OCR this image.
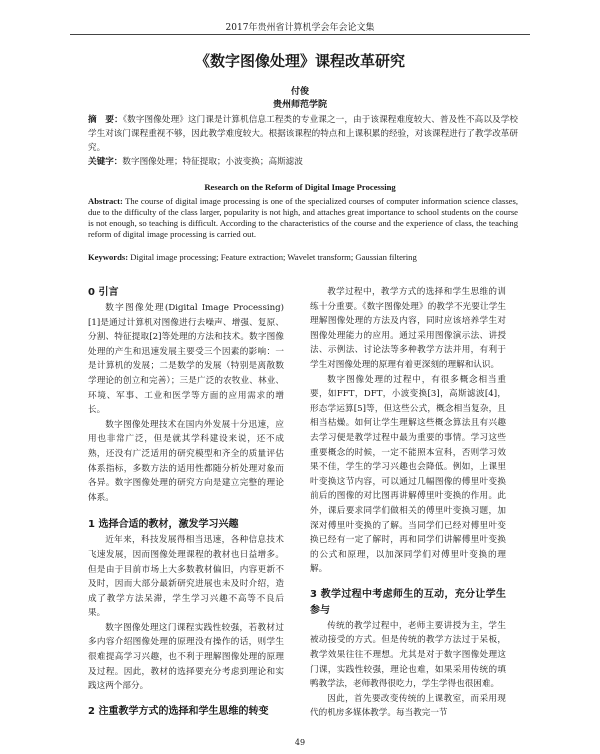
2017年贵州省计算机学会年会论文集
《数字图像处理》课程改革研究
付俊
贵州师范学院
摘　要：《数字图像处理》这门课是计算机信息工程类的专业课之一，由于该课程难度较大、普及性不高以及学校学生对该门课程重视不够，因此教学难度较大。根据该课程的特点和上课积累的经验，对该课程进行了教学改革研究。
关键字：数字图像处理；特征提取；小波变换；高斯滤波
Research on the Reform of Digital Image Processing
Abstract: The course of digital image processing is one of the specialized courses of computer information science classes, due to the difficulty of the class larger, popularity is not high, and attaches great importance to school students on the course is not enough, so teaching is difficult. According to the characteristics of the course and the experience of class, the teaching reform of digital image processing is carried out.
Keywords: Digital image processing; Feature extraction; Wavelet transform; Gaussian filtering
0 引言

数字图像处理(Digital Image Processing)[1]是通过计算机对图像进行去噪声、增强、复原、分割、特征提取[2]等处理的方法和技术。数字图像处理的产生和迅速发展主要受三个因素的影响：一是计算机的发展；二是数学的发展（特别是离散数学理论的创立和完善）；三是广泛的农牧业、林业、环境、军事、工业和医学等方面的应用需求的增长。

数字图像处理技术在国内外发展十分迅速，应用也非常广泛，但是就其学科建设来说，还不成熟，还没有广泛适用的研究模型和齐全的质量评估体系指标，多数方法的适用性都随分析处理对象而各异。数字图像处理的研究方向是建立完整的理论体系。

1 选择合适的教材，激发学习兴趣

近年来，科技发展得相当迅速，各种信息技术飞速发展，因而图像处理课程的教材也日益增多。但是由于目前市场上大多数教材偏旧，内容更新不及时，因而大部分最新研究进展也未及时介绍，造成了教学方法呆滞，学生学习兴趣不高等不良后果。

数字图像处理这门课程实践性较强，若教材过多内容介绍图像处理的原理没有操作的话，则学生很难提高学习兴趣，也不利于理解图像处理的原理及过程。因此，教材的选择要充分考虑到理论和实践这两个部分。

2 注重教学方式的选择和学生思维的转变

教学过程中，教学方式的选择和学生思维的训练十分重要。《数字图像处理》的教学不光要让学生理解图像处理的方法及内容，同时应该培养学生对图像处理能力的应用。通过采用图像演示法、讲授法、示例法、讨论法等多种教学方法并用，有利于学生对图像处理的原理有着更深刻的理解和认识。

数字图像处理的过程中，有很多概念相当重要，如FFT，DFT，小波变换[3]，高斯滤波[4]，形态学运算[5]等，但这些公式，概念相当复杂，且相当枯燥。如何让学生理解这些概念算法且有兴趣去学习便是教学过程中最为重要的事情。学习这些重要概念的时候，一定不能照本宣科，否则学习效果不佳，学生的学习兴趣也会降低。例如，上课里叶变换这节内容，可以通过几幅图像的傅里叶变换前后的图像的对比图再讲解傅里叶变换的作用。此外，课后要求同学们做相关的傅里叶变换习题，加深对傅里叶变换的了解。当同学们已经对傅里叶变换已经有一定了解时，再和同学们讲解傅里叶变换的公式和原理，以加深同学们对傅里叶变换的理解。

3 教学过程中考虑师生的互动，充分让学生参与

传统的教学过程中，老师主要讲授为主，学生被动接受的方式。但是传统的教学方法过于呆板，教学效果往往不理想。尤其是对于数字图像处理这门课，实践性较强，理论也难，如果采用传统的填鸭教学法，老师教得很吃力，学生学得也很困难。

因此，首先要改变传统的上课教室，而采用现代的机房多媒体教学。每当教完一节

49
